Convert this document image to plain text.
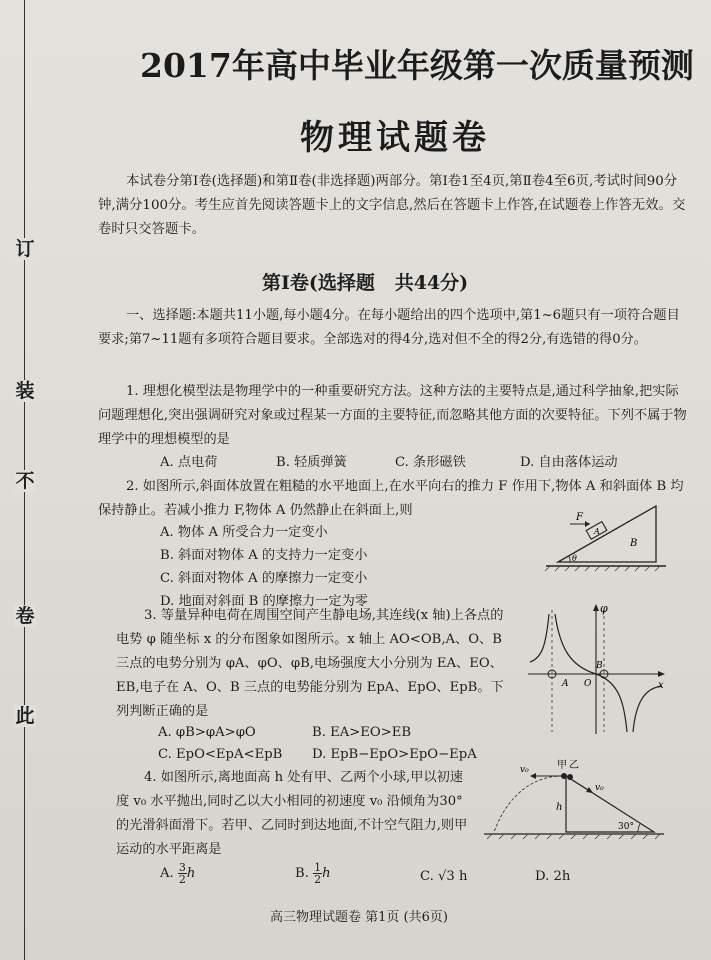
订
装
不
卷
此
2017年高中毕业年级第一次质量预测
物理试题卷
本试卷分第Ⅰ卷(选择题)和第Ⅱ卷(非选择题)两部分。第Ⅰ卷1至4页,第Ⅱ卷4至6页,考试时间90分钟,满分100分。考生应首先阅读答题卡上的文字信息,然后在答题卡上作答,在试题卷上作答无效。交卷时只交答题卡。
第Ⅰ卷(选择题   共44分)
一、选择题:本题共11小题,每小题4分。在每小题给出的四个选项中,第1~6题只有一项符合题目要求;第7~11题有多项符合题目要求。全部选对的得4分,选对但不全的得2分,有选错的得0分。
1. 理想化模型法是物理学中的一种重要研究方法。这种方法的主要特点是,通过科学抽象,把实际问题理想化,突出强调研究对象或过程某一方面的主要特征,而忽略其他方面的次要特征。下列不属于物理学中的理想模型的是
A. 点电荷	B. 轻质弹簧	C. 条形磁铁	D. 自由落体运动
2. 如图所示,斜面体放置在粗糙的水平地面上,在水平向右的推力 F 作用下,物体 A 和斜面体 B 均保持静止。若减小推力 F,物体 A 仍然静止在斜面上,则
A. 物体 A 所受合力一定变小
B. 斜面对物体 A 的支持力一定变小
C. 斜面对物体 A 的摩擦力一定变小
D. 地面对斜面 B 的摩擦力一定为零
F
A
B
θ
3. 等量异种电荷在周围空间产生静电场,其连线(x 轴)上各点的电势 φ 随坐标 x 的分布图象如图所示。x 轴上 AO<OB,A、O、B 三点的电势分别为 φA、φO、φB,电场强度大小分别为 EA、EO、EB,电子在 A、O、B 三点的电势能分别为 EpA、EpO、EpB。下列判断正确的是
A. φB>φA>φO	B. EA>EO>EB
C. EpO<EpA<EpB D. EpB−EpO>EpO−EpA
φ
x
A O
B
4. 如图所示,离地面高 h 处有甲、乙两个小球,甲以初速度 v₀ 水平抛出,同时乙以大小相同的初速度 v₀ 沿倾角为30°的光滑斜面滑下。若甲、乙同时到达地面,不计空气阻力,则甲运动的水平距离是
A. $\frac{3}{2}$ h	B. $\frac{1}{2}$ h	C. √3 h	D. 2h
甲 乙
v₀
v₀
h
30°
高三物理试题卷 第1页 (共6页)
